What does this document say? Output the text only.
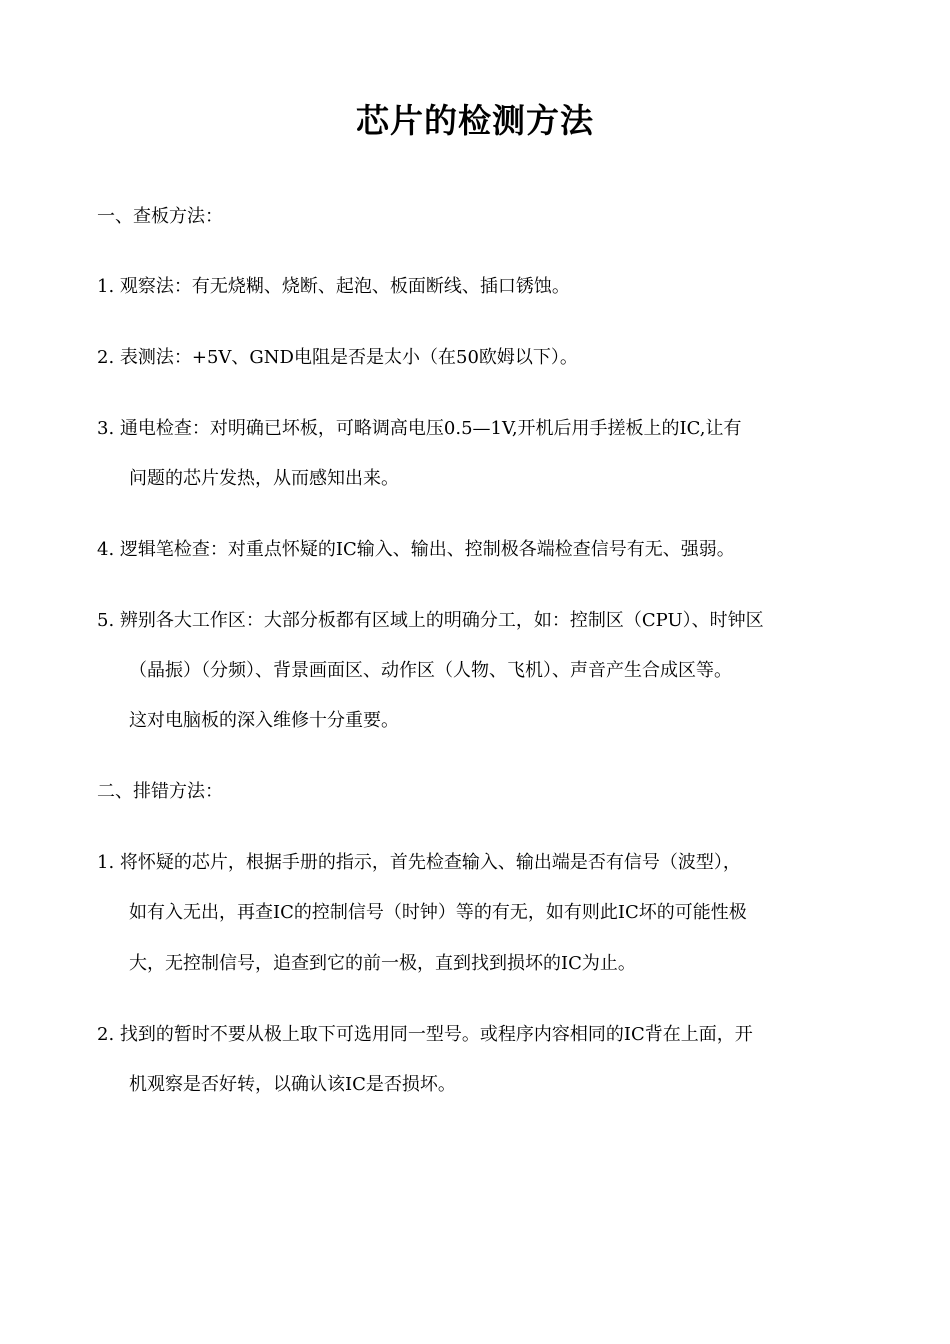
芯片的检测方法
一、查板方法：
1. 观察法：有无烧糊、烧断、起泡、板面断线、插口锈蚀。
2. 表测法：+5V、GND电阻是否是太小（在50欧姆以下）。
3. 通电检查：对明确已坏板，可略调高电压0.5—1V,开机后用手搓板上的IC,让有
问题的芯片发热，从而感知出来。
4. 逻辑笔检查：对重点怀疑的IC输入、输出、控制极各端检查信号有无、强弱。
5. 辨别各大工作区：大部分板都有区域上的明确分工，如：控制区（CPU）、时钟区
（晶振）（分频）、背景画面区、动作区（人物、飞机）、声音产生合成区等。
这对电脑板的深入维修十分重要。
二、排错方法：
1. 将怀疑的芯片，根据手册的指示，首先检查输入、输出端是否有信号（波型），
如有入无出，再查IC的控制信号（时钟）等的有无，如有则此IC坏的可能性极
大，无控制信号，追查到它的前一极，直到找到损坏的IC为止。
2. 找到的暂时不要从极上取下可选用同一型号。或程序内容相同的IC背在上面，开
机观察是否好转，以确认该IC是否损坏。
